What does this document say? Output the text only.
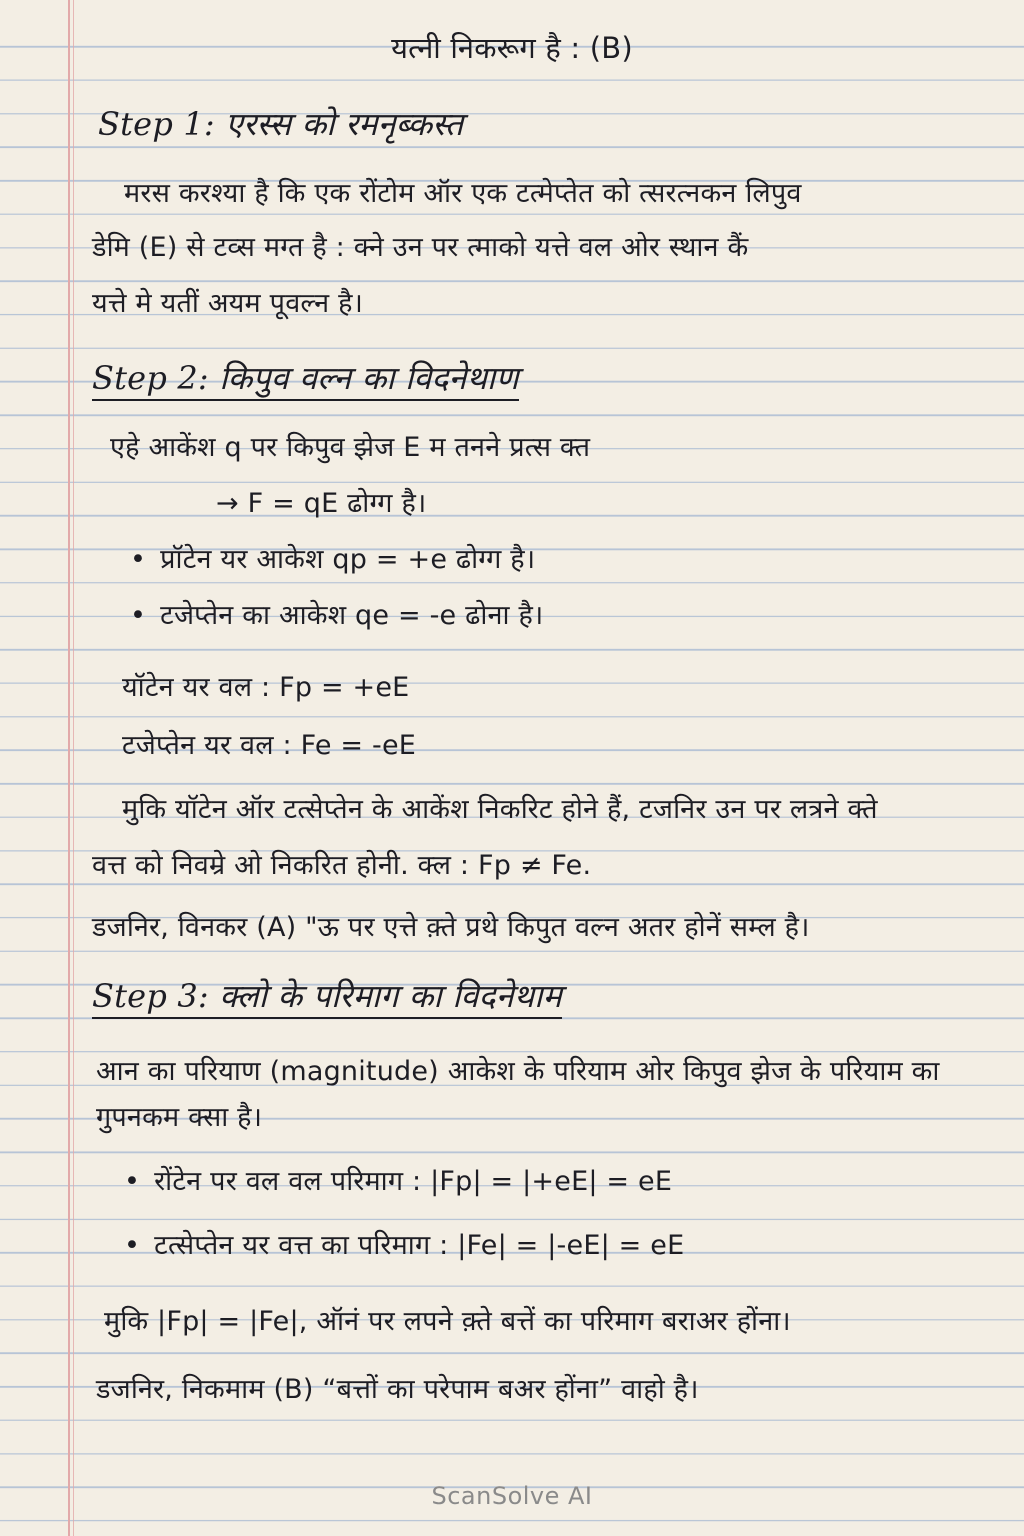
यत्नी निकरूग है : (B)
Step 1: एरस्स को रमनृब्कस्त
मरस करश्या है कि एक रोंटोम ऑर एक टत्मेप्तेत को त्सरत्नकन लिपुव
डेमि (E) से टव्स मग्त है : क्ने उन पर त्माको यत्ते वल ओर स्थान कैं
यत्ते मे यतीं अयम पूवल्न है।
Step 2: किपुव वल्न का विदनेथाण
एहे आकेंश q पर किपुव झेज E म तनने प्रत्स क्त
→ F = qE ढोग्ग है।
• प्रॉटेन यर आकेश qp = +e ढोग्ग है।
• टजेप्तेन का आकेश qe = -e ढोना है।
यॉटेन यर वल : Fp = +eE
टजेप्तेन यर वल : Fe = -eE
मुकि यॉटेन ऑर टत्सेप्तेन के आकेंश निकरिट होने हैं, टजनिर उन पर लत्रने क्ते
वत्त को निवम्रे ओ निकरित होनी. क्ल : Fp ≠ Fe.
डजनिर, विनकर (A) "ऊ पर एत्ते क़्ते प्रथे किपुत वल्न अतर होनें सम्ल है।
Step 3: क्लो के परिमाग का विदनेथाम
आन का परियाण (magnitude) आकेश के परियाम ओर किपुव झेज के परियाम का
गुपनकम क्सा है।
• रोंटेन पर वल वल परिमाग : |Fp| = |+eE| = eE
• टत्सेप्तेन यर वत्त का परिमाग : |Fe| = |-eE| = eE
मुकि |Fp| = |Fe|, ऑनं पर लपने क़्ते बत्तें का परिमाग बराअर होंना।
डजनिर, निकमाम (B) “बत्तों का परेपाम बअर होंना” वाहो है।
ScanSolve AI
